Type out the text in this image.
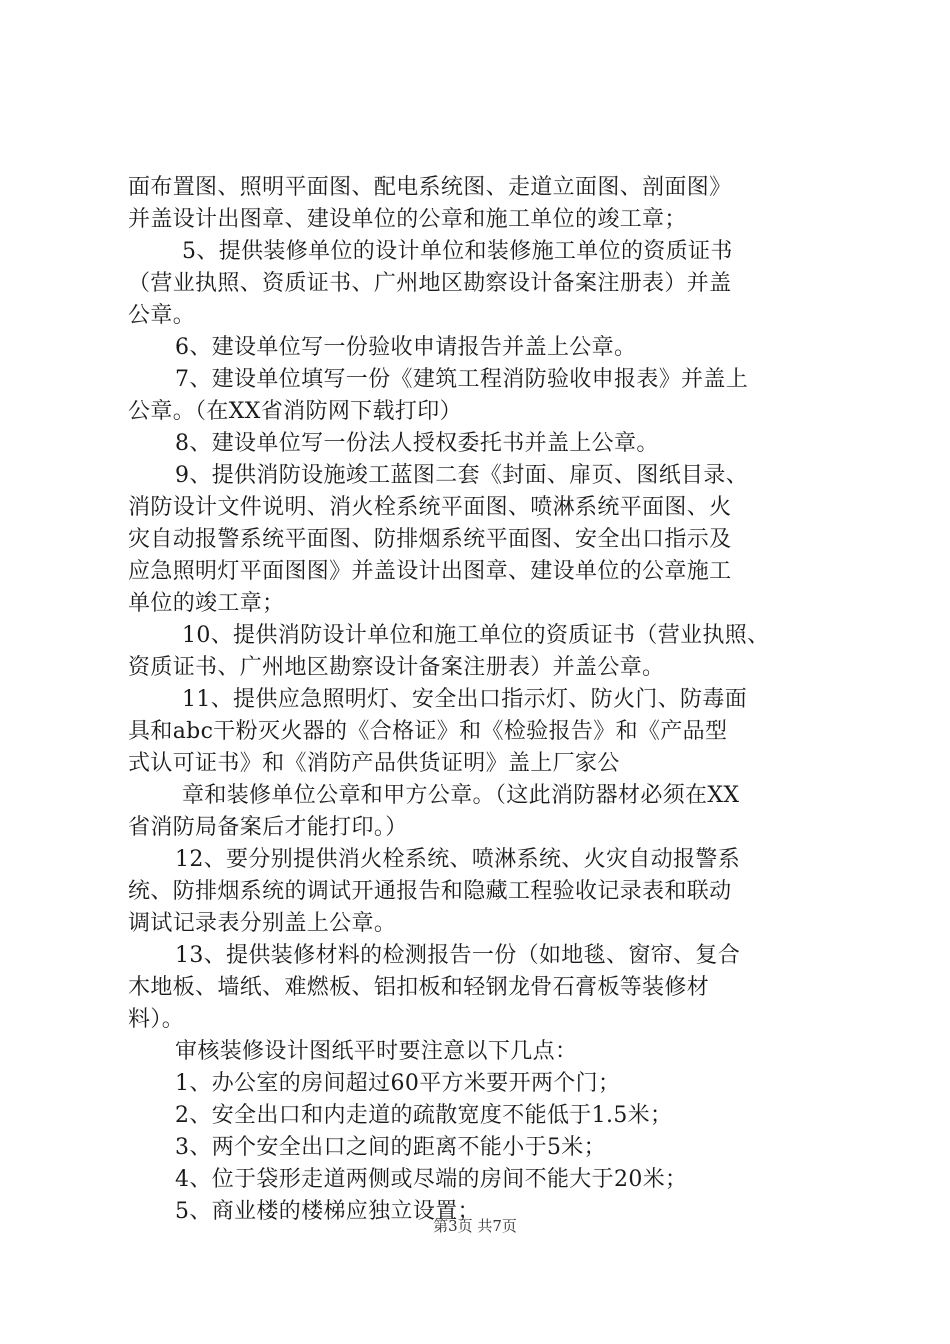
面布置图、照明平面图、配电系统图、走道立面图、剖面图》
并盖设计出图章、建设单位的公章和施工单位的竣工章；
5、提供装修单位的设计单位和装修施工单位的资质证书
（营业执照、资质证书、广州地区勘察设计备案注册表）并盖
公章。
6、建设单位写一份验收申请报告并盖上公章。
7、建设单位填写一份《建筑工程消防验收申报表》并盖上
公章。（在XX省消防网下载打印）
8、建设单位写一份法人授权委托书并盖上公章。
9、提供消防设施竣工蓝图二套《封面、扉页、图纸目录、
消防设计文件说明、消火栓系统平面图、喷淋系统平面图、火
灾自动报警系统平面图、防排烟系统平面图、安全出口指示及
应急照明灯平面图图》并盖设计出图章、建设单位的公章施工
单位的竣工章；
10、提供消防设计单位和施工单位的资质证书（营业执照、
资质证书、广州地区勘察设计备案注册表）并盖公章。
11、提供应急照明灯、安全出口指示灯、防火门、防毒面
具和abc干粉灭火器的《合格证》和《检验报告》和《产品型
式认可证书》和《消防产品供货证明》盖上厂家公
章和装修单位公章和甲方公章。（这此消防器材必须在XX
省消防局备案后才能打印。）
12、要分别提供消火栓系统、喷淋系统、火灾自动报警系
统、防排烟系统的调试开通报告和隐藏工程验收记录表和联动
调试记录表分别盖上公章。
13、提供装修材料的检测报告一份（如地毯、窗帘、复合
木地板、墙纸、难燃板、铝扣板和轻钢龙骨石膏板等装修材
料）。
审核装修设计图纸平时要注意以下几点：
1、办公室的房间超过60平方米要开两个门；
2、安全出口和内走道的疏散宽度不能低于1.5米；
3、两个安全出口之间的距离不能小于5米；
4、位于袋形走道两侧或尽端的房间不能大于20米；
5、商业楼的楼梯应独立设置；
第3页 共7页
